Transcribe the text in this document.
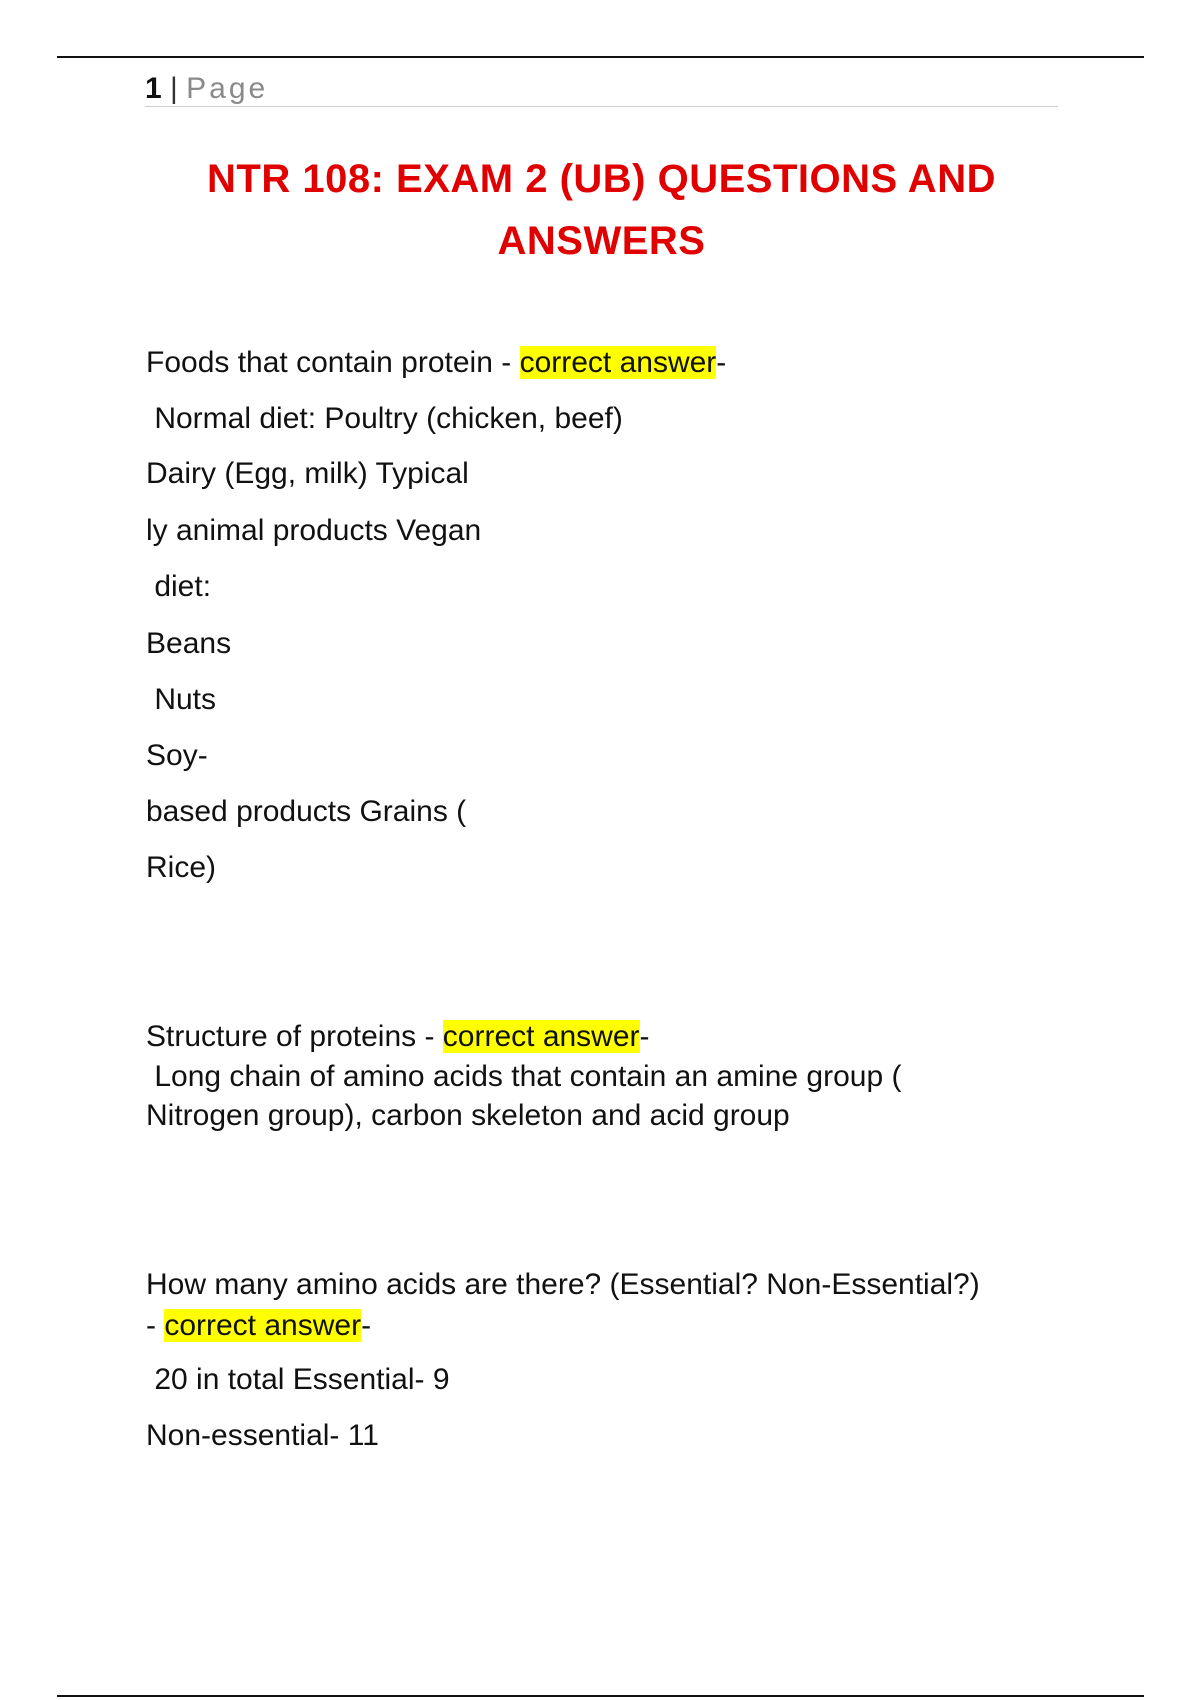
1 | Page
NTR 108: EXAM 2 (UB) QUESTIONS AND
ANSWERS
Foods that contain protein - correct answer-
Normal diet: Poultry (chicken, beef)
Dairy (Egg, milk) Typical
ly animal products Vegan
diet:
Beans
Nuts
Soy-
based products Grains (
Rice)
Structure of proteins - correct answer-
Long chain of amino acids that contain an amine group (
Nitrogen group), carbon skeleton and acid group
How many amino acids are there? (Essential? Non-Essential?)
- correct answer-
20 in total Essential- 9
Non-essential- 11
